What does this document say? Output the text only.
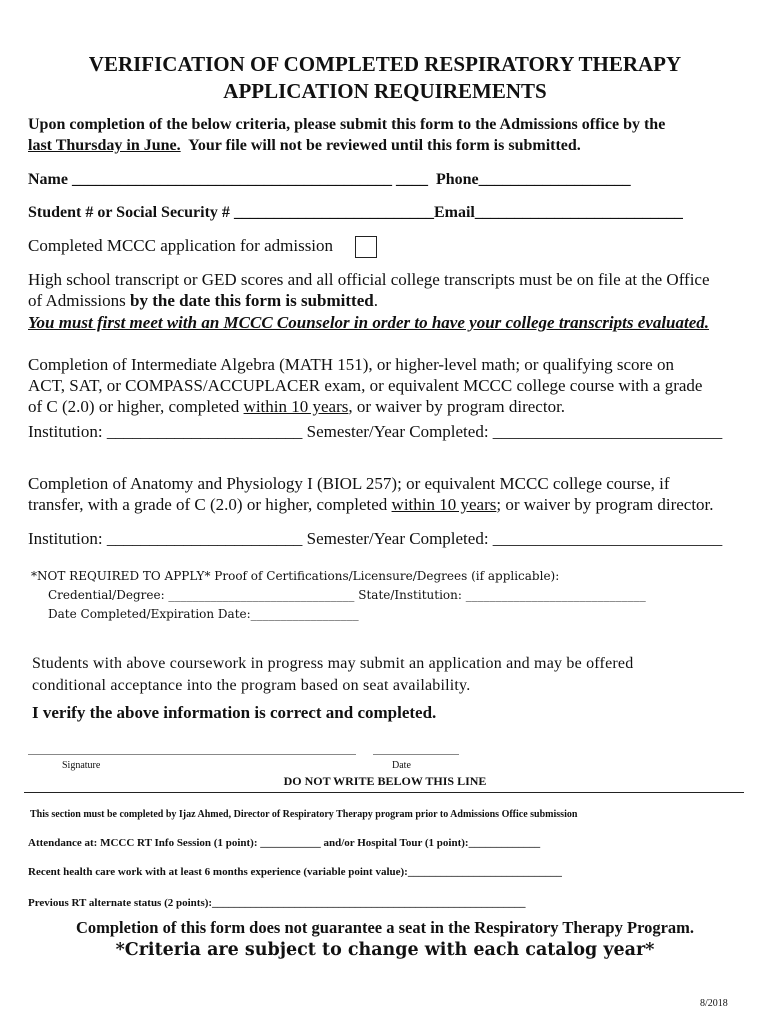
VERIFICATION OF COMPLETED RESPIRATORY THERAPY
APPLICATION REQUIREMENTS
Upon completion of the below criteria, please submit this form to the Admissions office by the
last Thursday in June.  Your file will not be reviewed until this form is submitted.
Name ________________________________________ ____ Phone___________________
Student # or Social Security # _________________________Email__________________________
Completed MCCC application for admission
High school transcript or GED scores and all official college transcripts must be on file at the Office
of Admissions by the date this form is submitted.
You must first meet with an MCCC Counselor in order to have your college transcripts evaluated.
Completion of Intermediate Algebra (MATH 151), or higher-level math; or qualifying score on
ACT, SAT, or COMPASS/ACCUPLACER exam, or equivalent MCCC college course with a grade
of C (2.0) or higher, completed within 10 years, or waiver by program director.
Institution: _______________________ Semester/Year Completed: ___________________________
Completion of Anatomy and Physiology I (BIOL 257); or equivalent MCCC college course, if
transfer, with a grade of C (2.0) or higher, completed within 10 years; or waiver by program director.
Institution: _______________________ Semester/Year Completed: ___________________________
*NOT REQUIRED TO APPLY* Proof of Certifications/Licensure/Degrees (if applicable):
Credential/Degree: _______________________________ State/Institution: ______________________________
Date Completed/Expiration Date:__________________
Students with above coursework in progress may submit an application and may be offered
conditional acceptance into the program based on seat availability.
I verify the above information is correct and completed.
Signature	Date
DO NOT WRITE BELOW THIS LINE
This section must be completed by Ijaz Ahmed, Director of Respiratory Therapy program prior to Admissions Office submission
Attendance at: MCCC RT Info Session (1 point): ___________ and/or Hospital Tour (1 point):_____________
Recent health care work with at least 6 months experience (variable point value):____________________________
Previous RT alternate status (2 points):_________________________________________________________
Completion of this form does not guarantee a seat in the Respiratory Therapy Program.
*Criteria are subject to change with each catalog year*
8/2018
